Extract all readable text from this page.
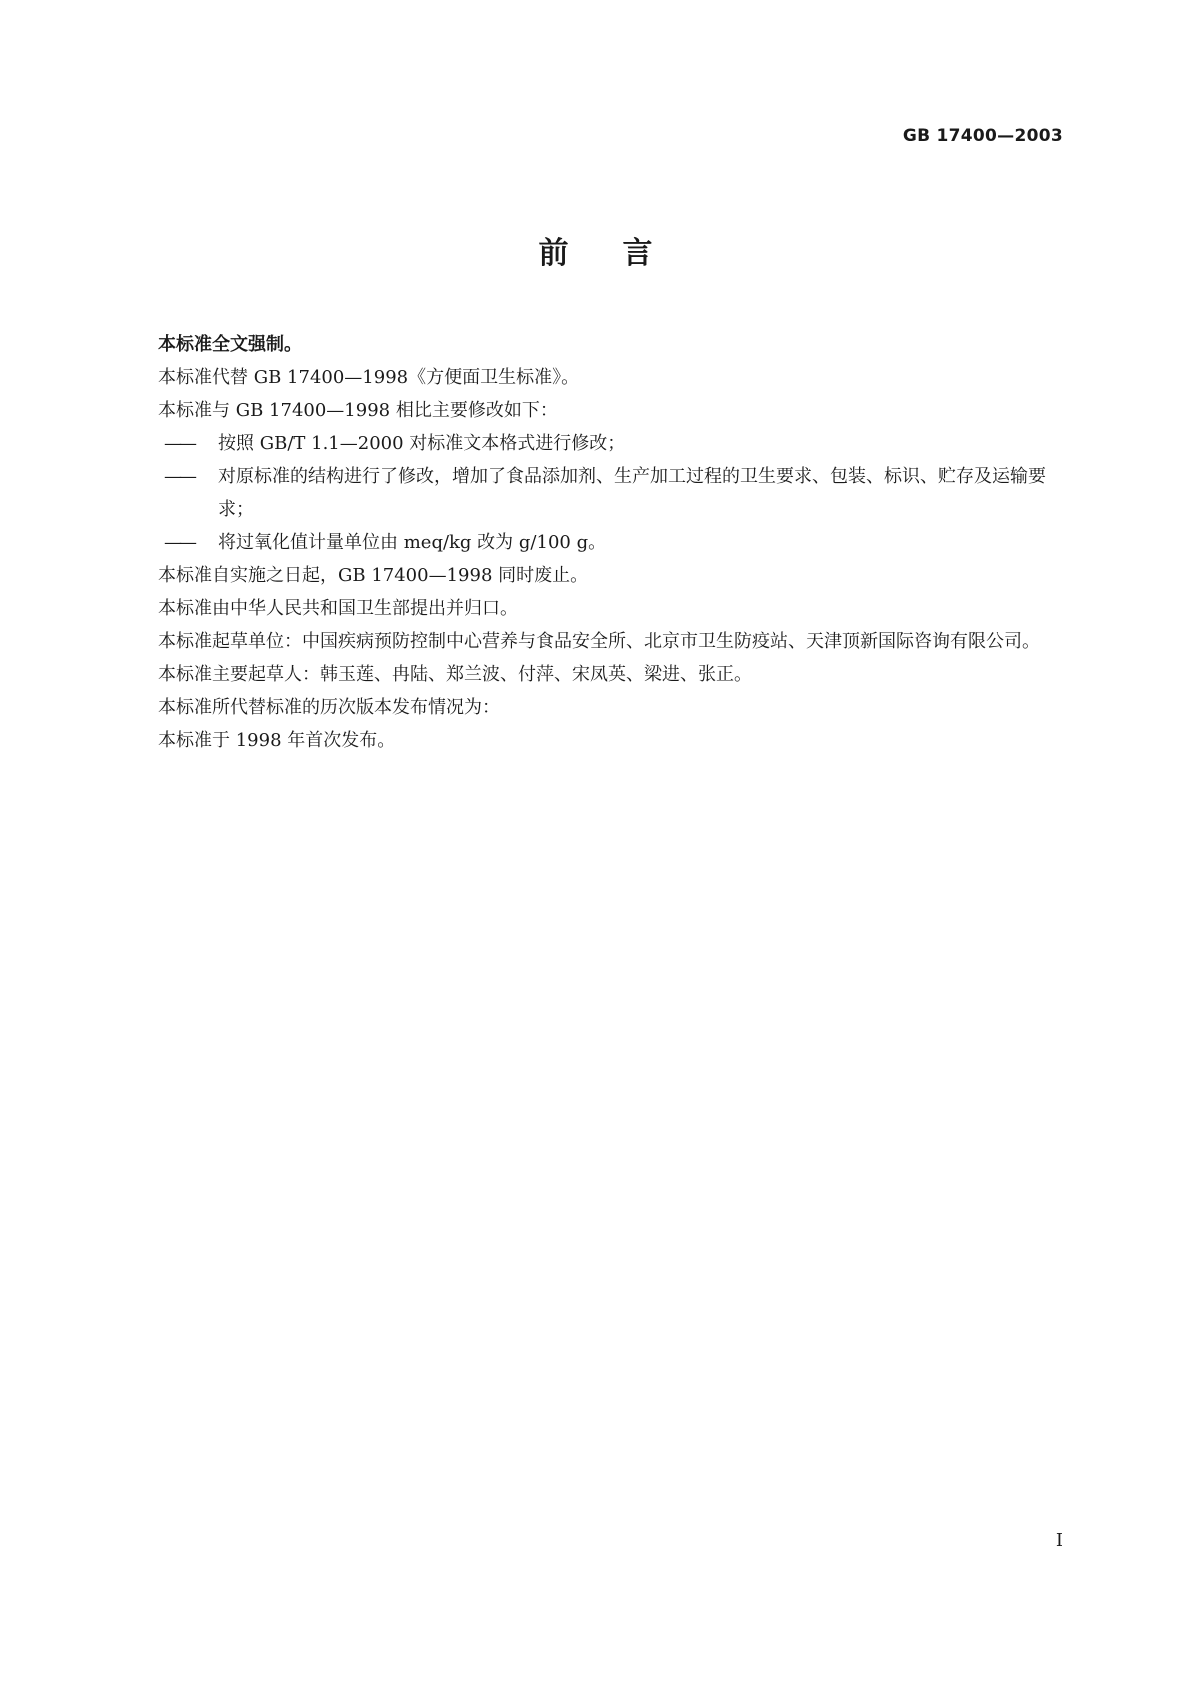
GB 17400—2003
前言

本标准全文强制。

本标准代替 GB 17400—1998《方便面卫生标准》。

本标准与 GB 17400—1998 相比主要修改如下：

—— 按照 GB/T 1.1—2000 对标准文本格式进行修改；

—— 对原标准的结构进行了修改，增加了食品添加剂、生产加工过程的卫生要求、包装、标识、贮存及运输要求；

—— 将过氧化值计量单位由 meq/kg 改为 g/100 g。

本标准自实施之日起，GB 17400—1998 同时废止。

本标准由中华人民共和国卫生部提出并归口。

本标准起草单位：中国疾病预防控制中心营养与食品安全所、北京市卫生防疫站、天津顶新国际咨询有限公司。

本标准主要起草人：韩玉莲、冉陆、郑兰波、付萍、宋凤英、梁进、张正。

本标准所代替标准的历次版本发布情况为：

本标准于 1998 年首次发布。

I
